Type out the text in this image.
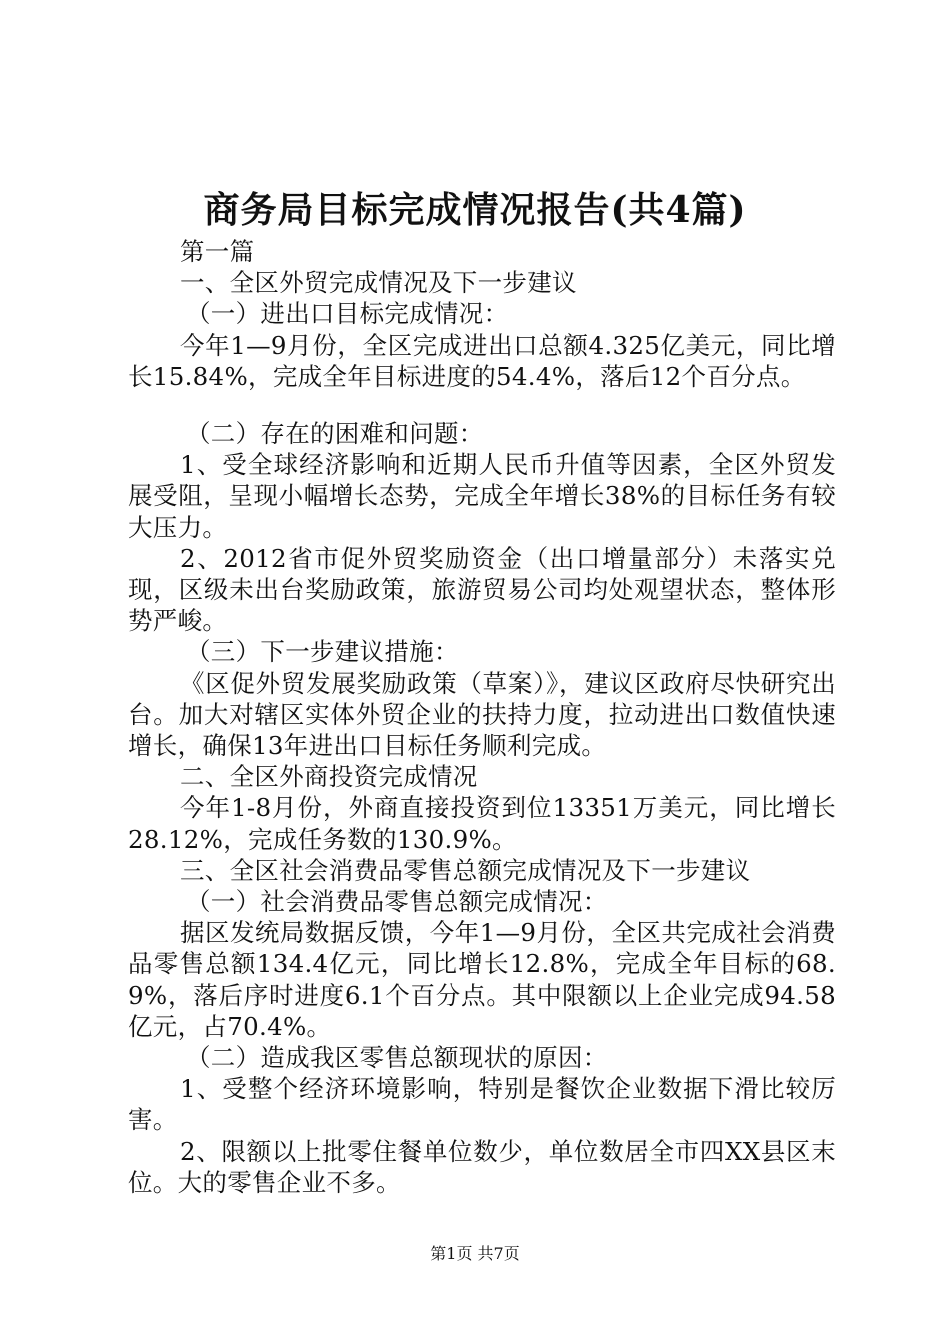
商务局目标完成情况报告(共4篇)

第一篇

一、全区外贸完成情况及下一步建议

（一）进出口目标完成情况：

今年1—9月份，全区完成进出口总额4.325亿美元，同比增长15.84%，完成全年目标进度的54.4%，落后12个百分点。

（二）存在的困难和问题：

1、受全球经济影响和近期人民币升值等因素，全区外贸发展受阻，呈现小幅增长态势，完成全年增长38%的目标任务有较大压力。

2、2012省市促外贸奖励资金（出口增量部分）未落实兑现，区级未出台奖励政策，旅游贸易公司均处观望状态，整体形势严峻。

（三）下一步建议措施：

《区促外贸发展奖励政策（草案）》，建议区政府尽快研究出台。加大对辖区实体外贸企业的扶持力度，拉动进出口数值快速增长，确保13年进出口目标任务顺利完成。

二、全区外商投资完成情况

今年1-8月份，外商直接投资到位13351万美元，同比增长28.12%，完成任务数的130.9%。

三、全区社会消费品零售总额完成情况及下一步建议

（一）社会消费品零售总额完成情况：

据区发统局数据反馈，今年1—9月份，全区共完成社会消费品零售总额134.4亿元，同比增长12.8%，完成全年目标的68.9%，落后序时进度6.1个百分点。其中限额以上企业完成94.58亿元，占70.4%。

（二）造成我区零售总额现状的原因：

1、受整个经济环境影响，特别是餐饮企业数据下滑比较厉害。

2、限额以上批零住餐单位数少，单位数居全市四XX县区末位。大的零售企业不多。

第1页 共7页
